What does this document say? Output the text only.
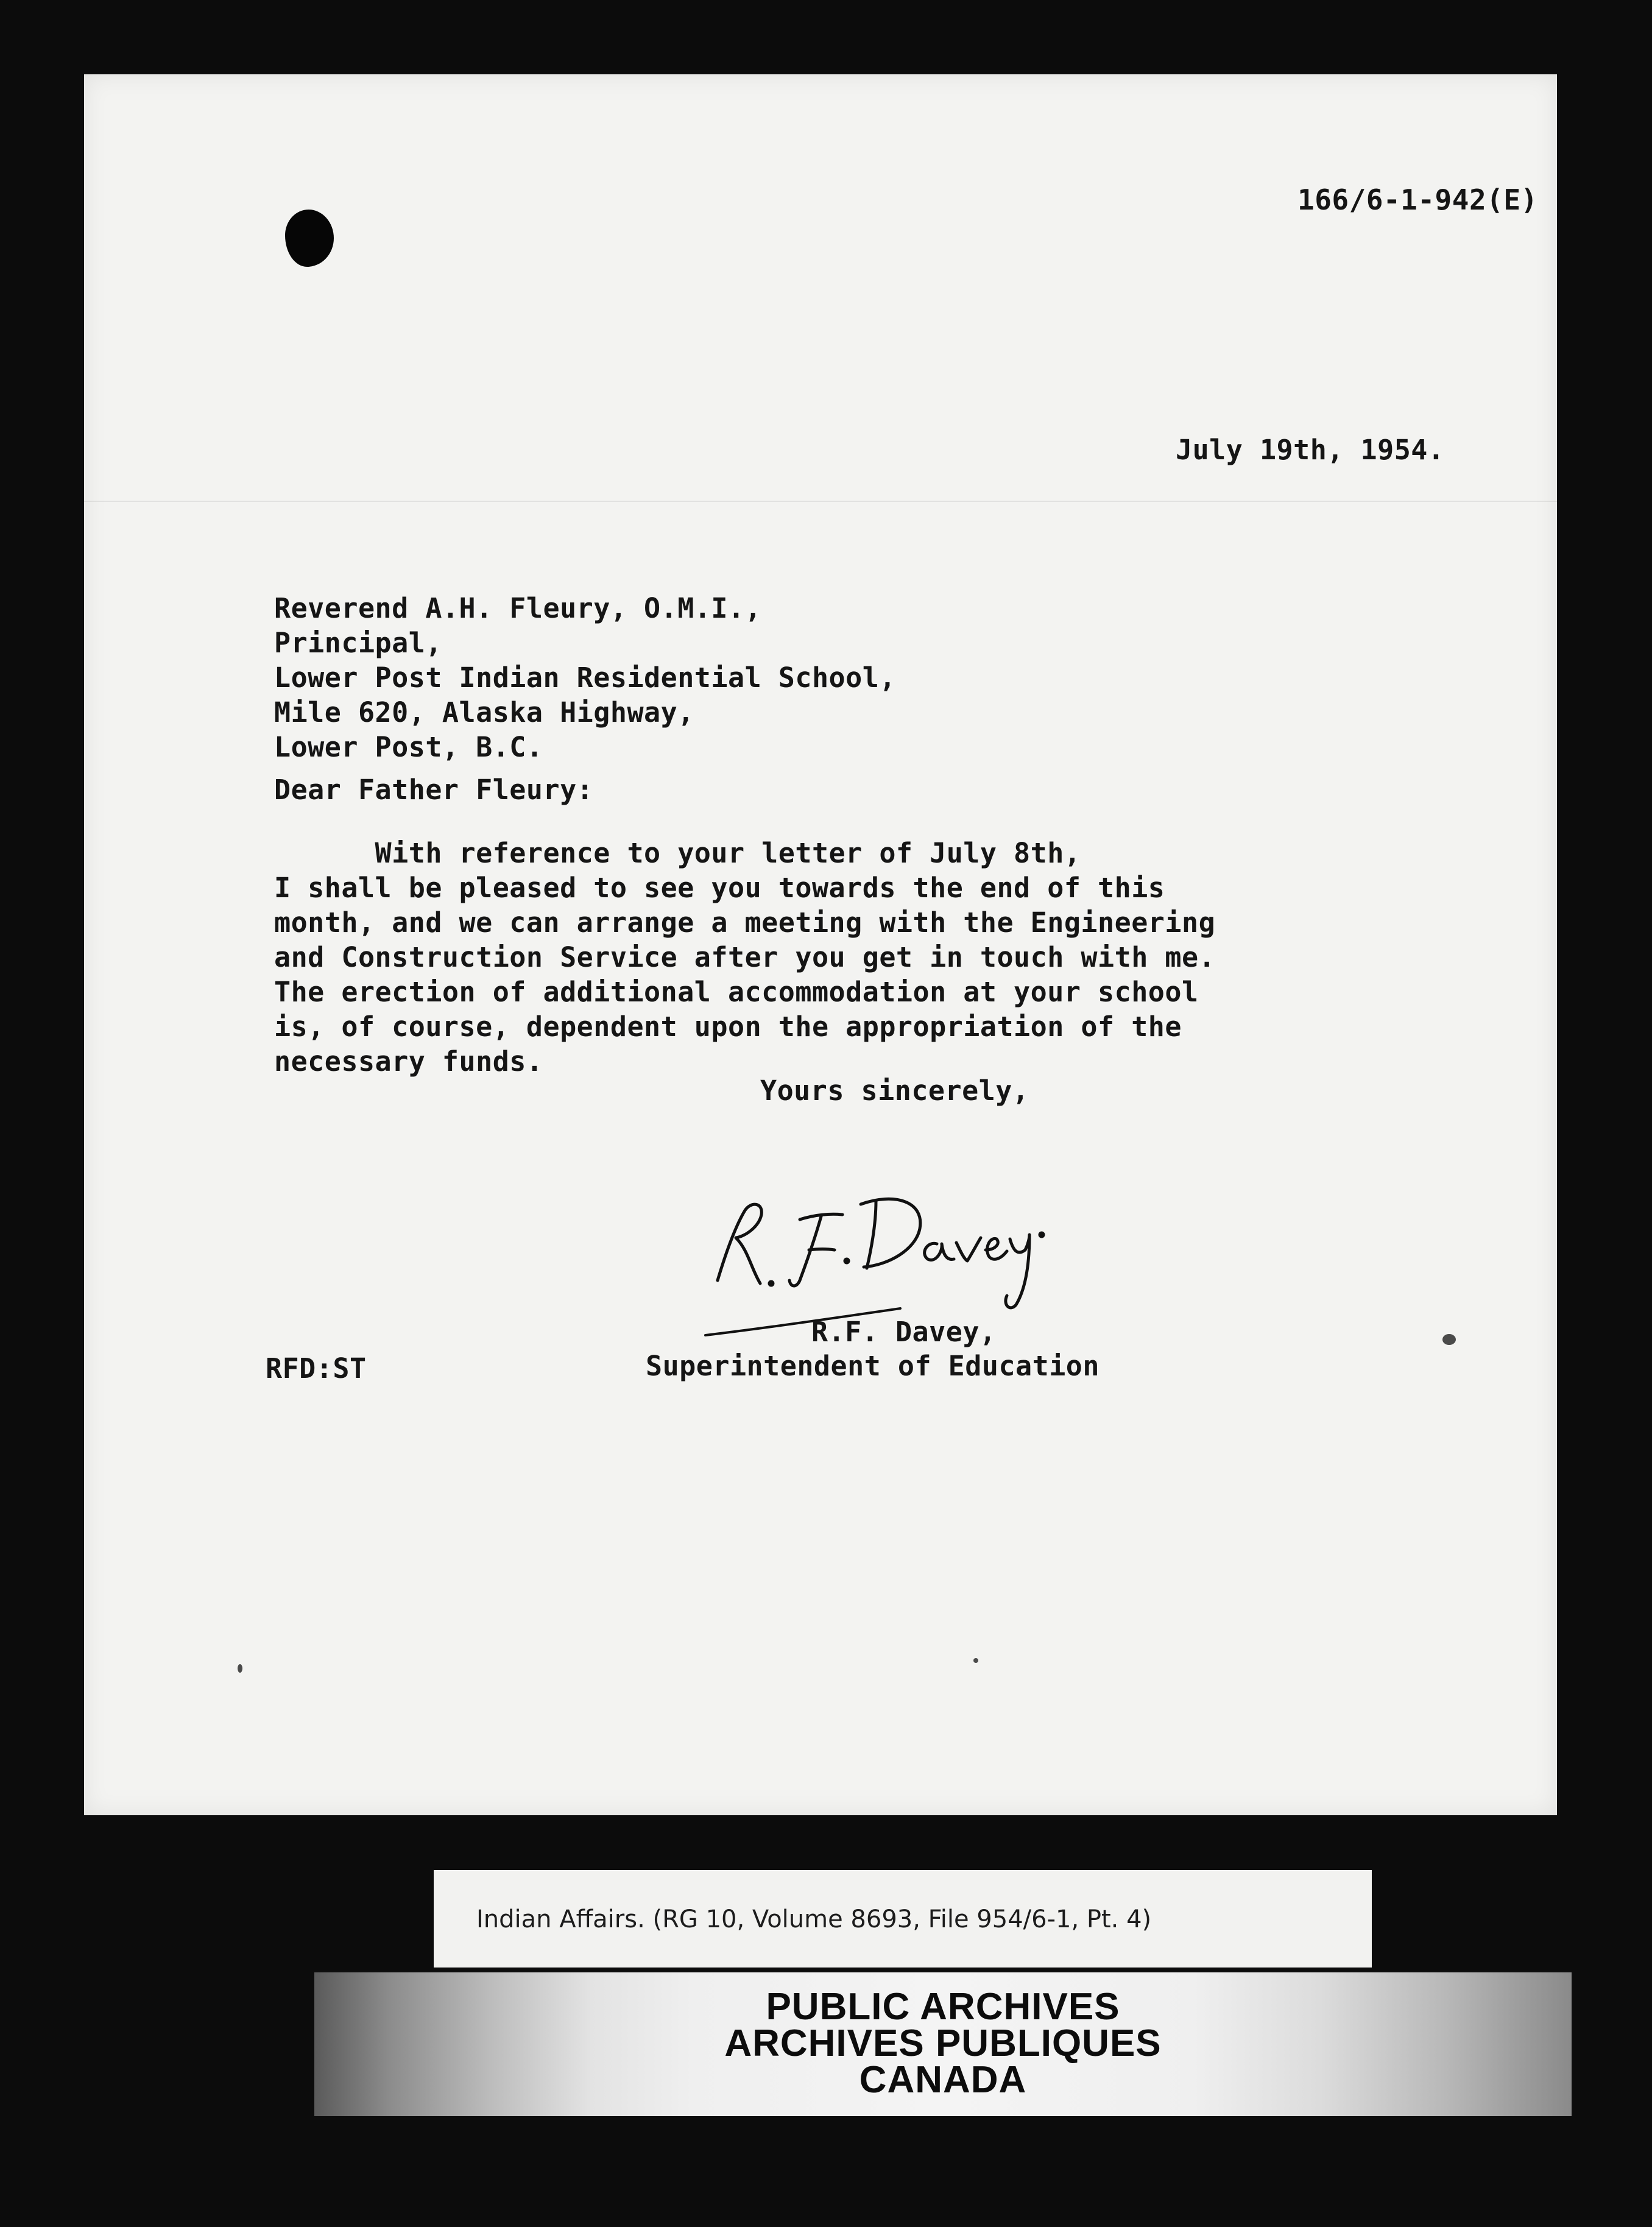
166/6-1-942(E)
July 19th, 1954.
Reverend A.H. Fleury, O.M.I.,
Principal,
Lower Post Indian Residential School,
Mile 620, Alaska Highway,
Lower Post, B.C.
Dear Father Fleury:
With reference to your letter of July 8th,
I shall be pleased to see you towards the end of this
month, and we can arrange a meeting with the Engineering
and Construction Service after you get in touch with me.
The erection of additional accommodation at your school
is, of course, dependent upon the appropriation of the
necessary funds.
Yours sincerely,
R.F. Davey,
Superintendent of Education
RFD:ST
Indian Affairs. (RG 10, Volume 8693, File 954/6-1, Pt. 4)
PUBLIC ARCHIVES
ARCHIVES PUBLIQUES
CANADA
